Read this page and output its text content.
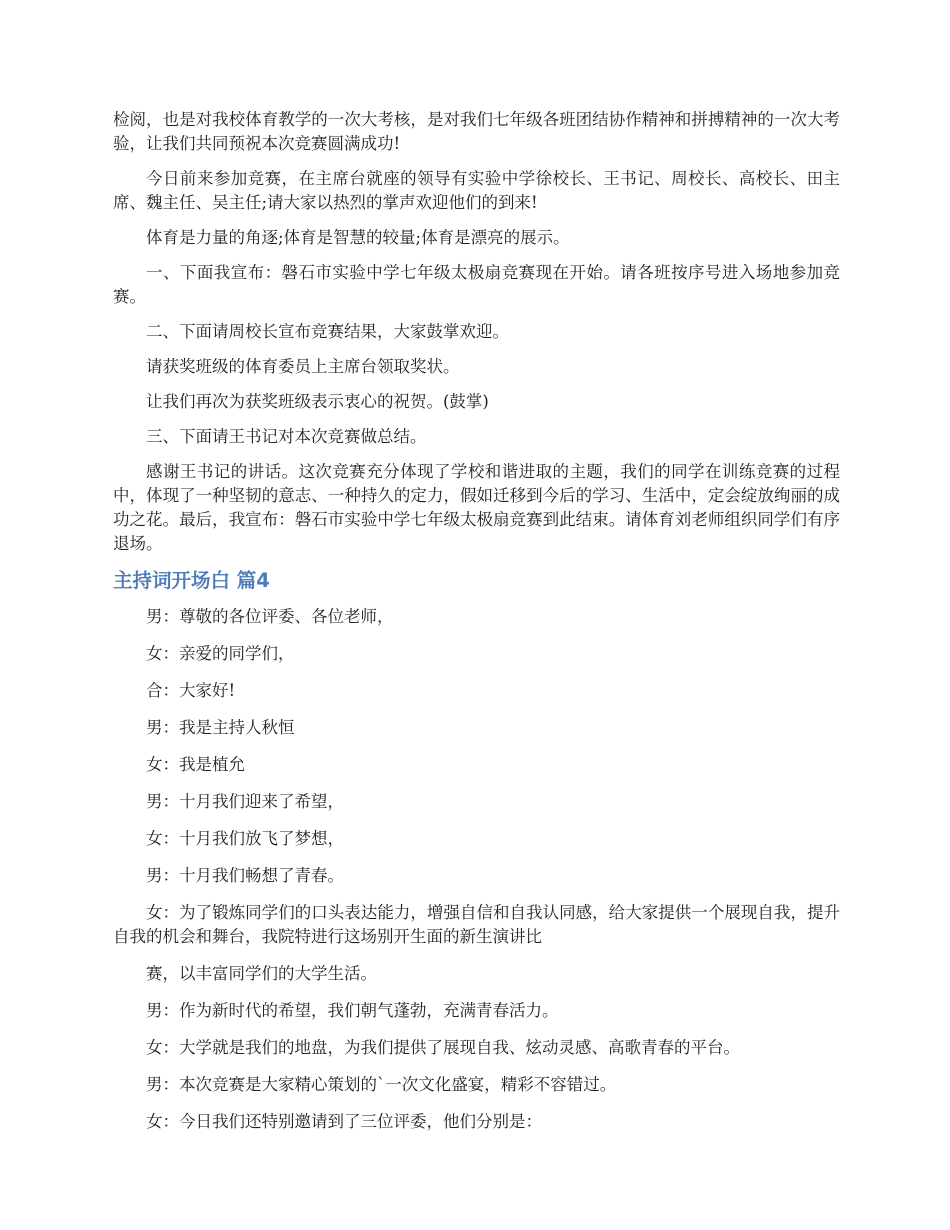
检阅，也是对我校体育教学的一次大考核，是对我们七年级各班团结协作精神和拼搏精神的一次大考验，让我们共同预祝本次竞赛圆满成功!

今日前来参加竞赛，在主席台就座的领导有实验中学徐校长、王书记、周校长、高校长、田主席、魏主任、吴主任;请大家以热烈的掌声欢迎他们的到来!

体育是力量的角逐;体育是智慧的较量;体育是漂亮的展示。

一、下面我宣布：磐石市实验中学七年级太极扇竞赛现在开始。请各班按序号进入场地参加竞赛。

二、下面请周校长宣布竞赛结果，大家鼓掌欢迎。

请获奖班级的体育委员上主席台领取奖状。

让我们再次为获奖班级表示衷心的祝贺。(鼓掌)

三、下面请王书记对本次竞赛做总结。

感谢王书记的讲话。这次竞赛充分体现了学校和谐进取的主题，我们的同学在训练竞赛的过程中，体现了一种坚韧的意志、一种持久的定力，假如迁移到今后的学习、生活中，定会绽放绚丽的成功之花。最后，我宣布：磐石市实验中学七年级太极扇竞赛到此结束。请体育刘老师组织同学们有序退场。

主持词开场白 篇4

男：尊敬的各位评委、各位老师，

女：亲爱的同学们，

合：大家好!

男：我是主持人秋恒

女：我是植允

男：十月我们迎来了希望，

女：十月我们放飞了梦想，

男：十月我们畅想了青春。

女：为了锻炼同学们的口头表达能力，增强自信和自我认同感，给大家提供一个展现自我，提升自我的机会和舞台，我院特进行这场别开生面的新生演讲比

赛，以丰富同学们的大学生活。

男：作为新时代的希望，我们朝气蓬勃，充满青春活力。

女：大学就是我们的地盘，为我们提供了展现自我、炫动灵感、高歌青春的平台。

男：本次竞赛是大家精心策划的`一次文化盛宴，精彩不容错过。

女：今日我们还特别邀请到了三位评委，他们分别是：
